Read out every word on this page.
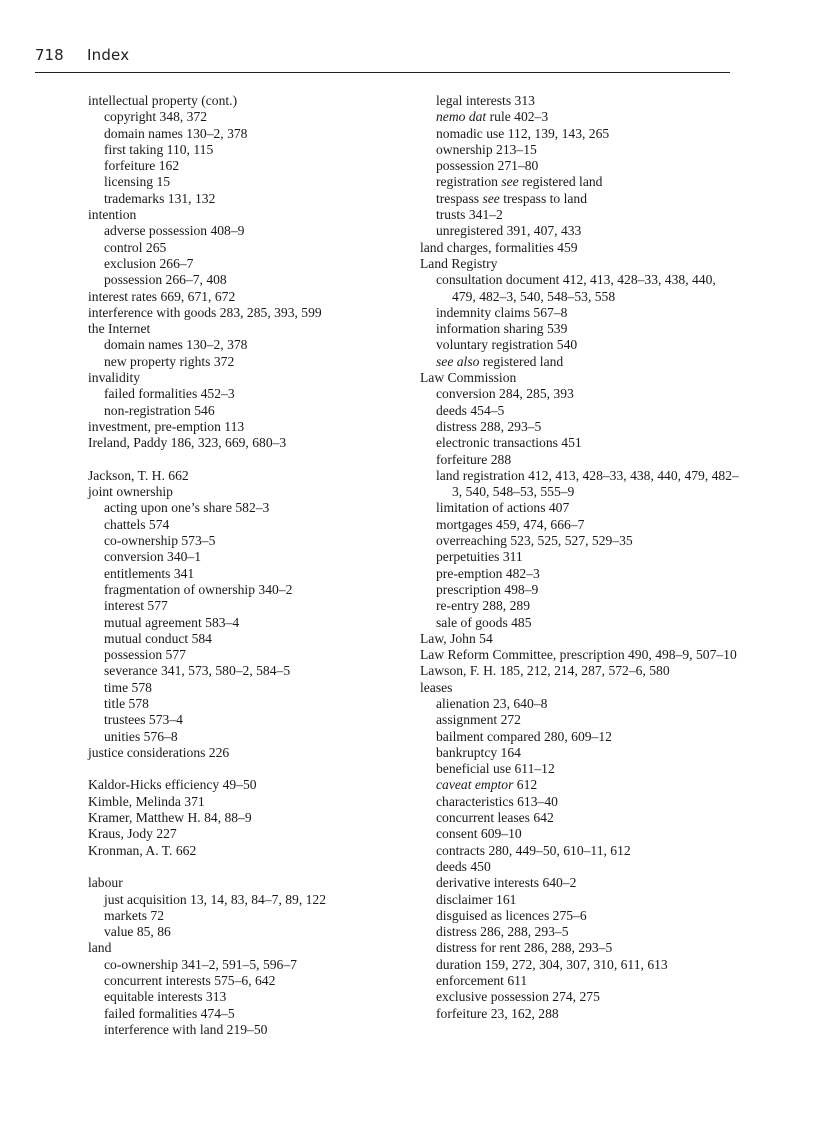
718	Index
intellectual property (cont.)
copyright 348, 372
domain names 130–2, 378
first taking 110, 115
forfeiture 162
licensing 15
trademarks 131, 132
intention
adverse possession 408–9
control 265
exclusion 266–7
possession 266–7, 408
interest rates 669, 671, 672
interference with goods 283, 285, 393, 599
the Internet
domain names 130–2, 378
new property rights 372
invalidity
failed formalities 452–3
non-registration 546
investment, pre-emption 113
Ireland, Paddy 186, 323, 669, 680–3
Jackson, T. H. 662
joint ownership
acting upon one’s share 582–3
chattels 574
co-ownership 573–5
conversion 340–1
entitlements 341
fragmentation of ownership 340–2
interest 577
mutual agreement 583–4
mutual conduct 584
possession 577
severance 341, 573, 580–2, 584–5
time 578
title 578
trustees 573–4
unities 576–8
justice considerations 226
Kaldor-Hicks efficiency 49–50
Kimble, Melinda 371
Kramer, Matthew H. 84, 88–9
Kraus, Jody 227
Kronman, A. T. 662
labour
just acquisition 13, 14, 83, 84–7, 89, 122
markets 72
value 85, 86
land
co-ownership 341–2, 591–5, 596–7
concurrent interests 575–6, 642
equitable interests 313
failed formalities 474–5
interference with land 219–50
legal interests 313
nemo dat rule 402–3
nomadic use 112, 139, 143, 265
ownership 213–15
possession 271–80
registration see registered land
trespass see trespass to land
trusts 341–2
unregistered 391, 407, 433
land charges, formalities 459
Land Registry
consultation document 412, 413, 428–33, 438, 440, 479, 482–3, 540, 548–53, 558
indemnity claims 567–8
information sharing 539
voluntary registration 540
see also registered land
Law Commission
conversion 284, 285, 393
deeds 454–5
distress 288, 293–5
electronic transactions 451
forfeiture 288
land registration 412, 413, 428–33, 438, 440, 479, 482–3, 540, 548–53, 555–9
limitation of actions 407
mortgages 459, 474, 666–7
overreaching 523, 525, 527, 529–35
perpetuities 311
pre-emption 482–3
prescription 498–9
re-entry 288, 289
sale of goods 485
Law, John 54
Law Reform Committee, prescription 490, 498–9, 507–10
Lawson, F. H. 185, 212, 214, 287, 572–6, 580
leases
alienation 23, 640–8
assignment 272
bailment compared 280, 609–12
bankruptcy 164
beneficial use 611–12
caveat emptor 612
characteristics 613–40
concurrent leases 642
consent 609–10
contracts 280, 449–50, 610–11, 612
deeds 450
derivative interests 640–2
disclaimer 161
disguised as licences 275–6
distress 286, 288, 293–5
distress for rent 286, 288, 293–5
duration 159, 272, 304, 307, 310, 611, 613
enforcement 611
exclusive possession 274, 275
forfeiture 23, 162, 288
